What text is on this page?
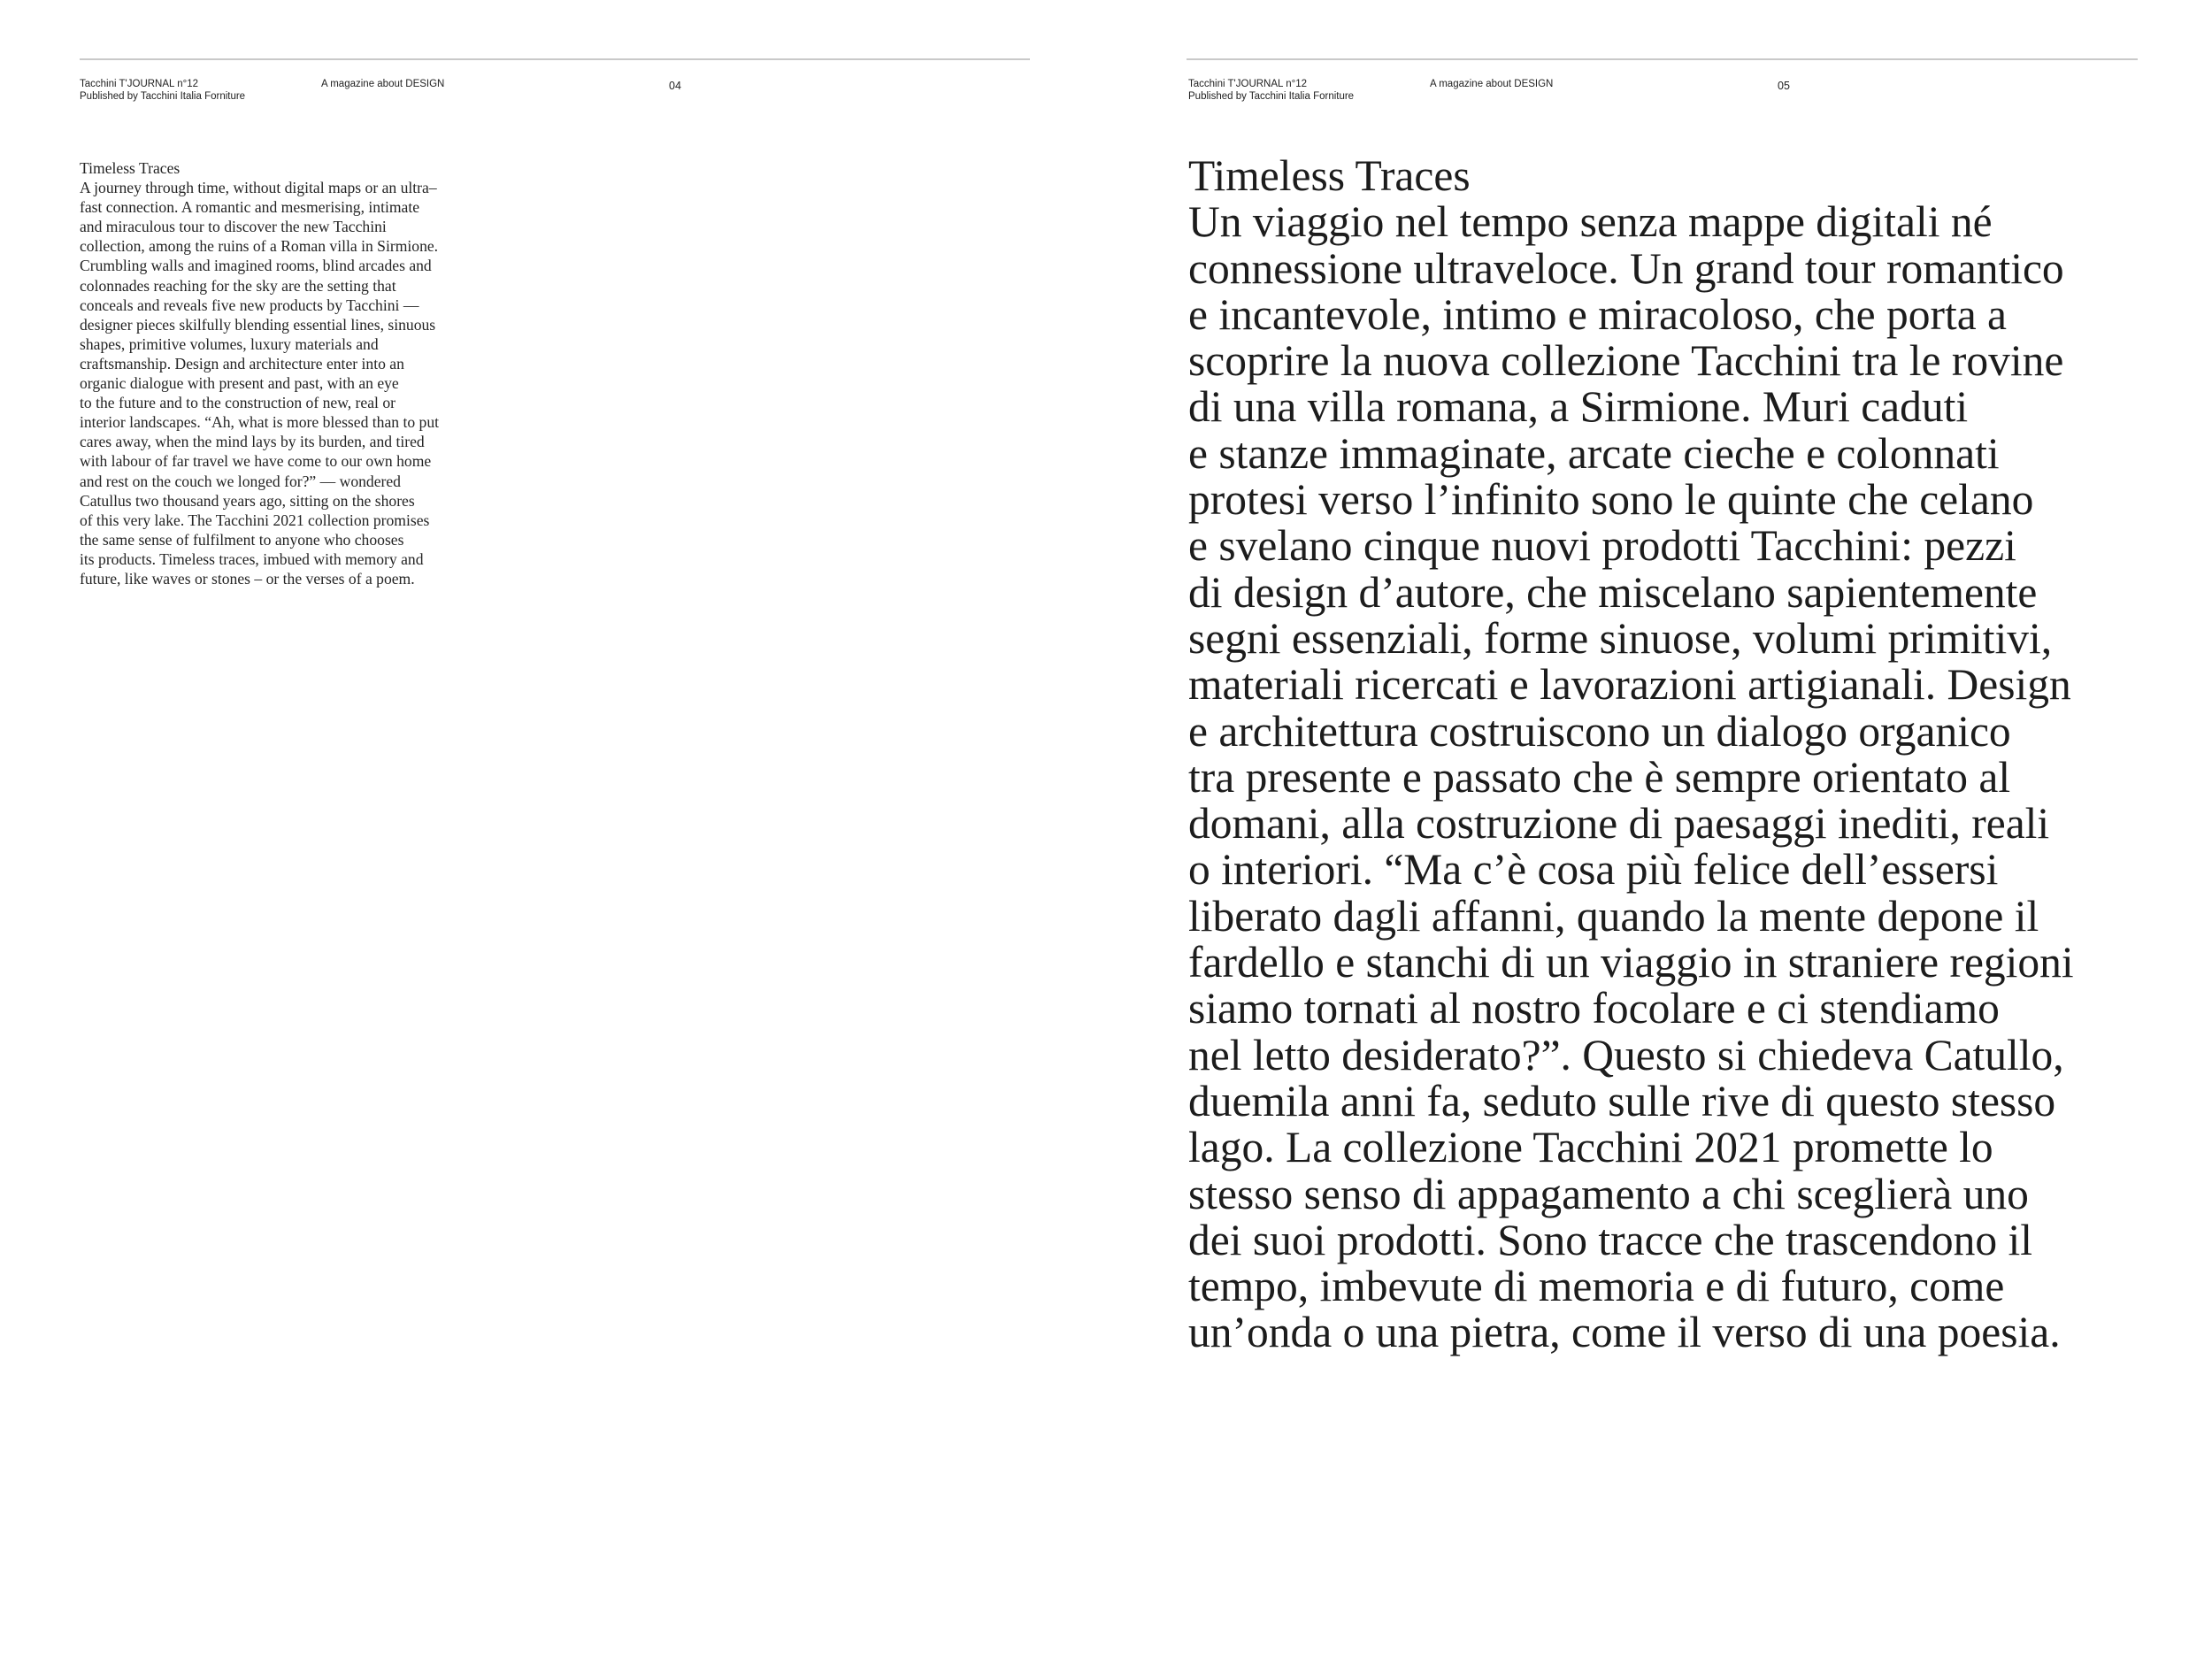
Tacchini T'JOURNAL n°12
Published by Tacchini Italia Forniture
A magazine about DESIGN	04
Timeless Traces
A journey through time, without digital maps or an ultra–
fast connection. A romantic and mesmerising, intimate
and miraculous tour to discover the new Tacchini
collection, among the ruins of a Roman villa in Sirmione.
Crumbling walls and imagined rooms, blind arcades and
colonnades reaching for the sky are the setting that
conceals and reveals five new products by Tacchini —
designer pieces skilfully blending essential lines, sinuous
shapes, primitive volumes, luxury materials and
craftsmanship. Design and architecture enter into an
organic dialogue with present and past, with an eye
to the future and to the construction of new, real or
interior landscapes. “Ah, what is more blessed than to put
cares away, when the mind lays by its burden, and tired
with labour of far travel we have come to our own home
and rest on the couch we longed for?” — wondered
Catullus two thousand years ago, sitting on the shores
of this very lake. The Tacchini 2021 collection promises
the same sense of fulfilment to anyone who chooses
its products. Timeless traces, imbued with memory and
future, like waves or stones – or the verses of a poem.
Tacchini T'JOURNAL n°12
Published by Tacchini Italia Forniture
A magazine about DESIGN	05
Timeless Traces
Un viaggio nel tempo senza mappe digitali né
connessione ultraveloce. Un grand tour romantico
e incantevole, intimo e miracoloso, che porta a
scoprire la nuova collezione Tacchini tra le rovine
di una villa romana, a Sirmione. Muri caduti
e stanze immaginate, arcate cieche e colonnati
protesi verso l’infinito sono le quinte che celano
e svelano cinque nuovi prodotti Tacchini: pezzi
di design d’autore, che miscelano sapientemente
segni essenziali, forme sinuose, volumi primitivi,
materiali ricercati e lavorazioni artigianali. Design
e architettura costruiscono un dialogo organico
tra presente e passato che è sempre orientato al
domani, alla costruzione di paesaggi inediti, reali
o interiori. “Ma c’è cosa più felice dell’essersi
liberato dagli affanni, quando la mente depone il
fardello e stanchi di un viaggio in straniere regioni
siamo tornati al nostro focolare e ci stendiamo
nel letto desiderato?”. Questo si chiedeva Catullo,
duemila anni fa, seduto sulle rive di questo stesso
lago. La collezione Tacchini 2021 promette lo
stesso senso di appagamento a chi sceglierà uno
dei suoi prodotti. Sono tracce che trascendono il
tempo, imbevute di memoria e di futuro, come
un’onda o una pietra, come il verso di una poesia.
